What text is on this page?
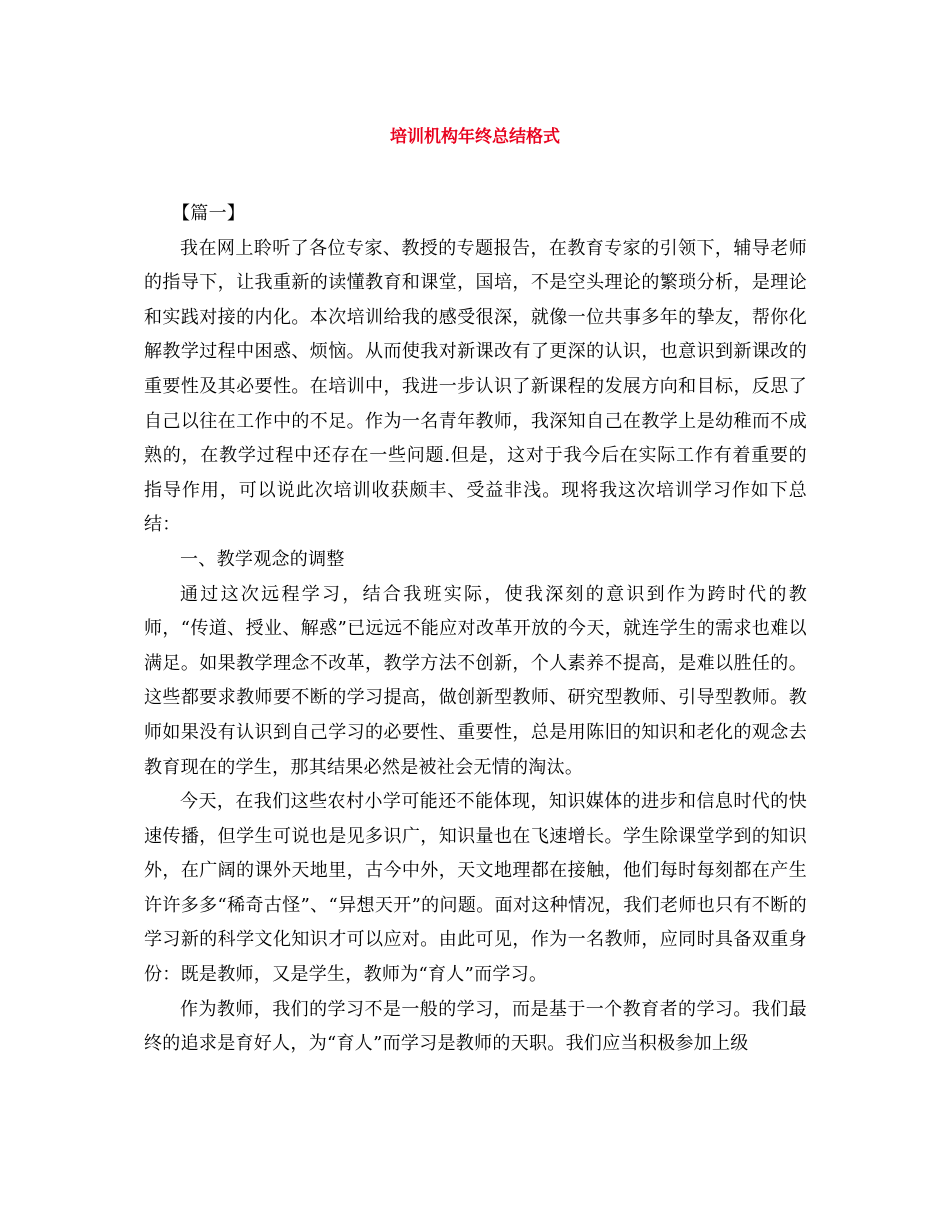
培训机构年终总结格式

【篇一】

我在网上聆听了各位专家、教授的专题报告，在教育专家的引领下，辅导老师的指导下，让我重新的读懂教育和课堂，国培，不是空头理论的繁琐分析，是理论和实践对接的内化。本次培训给我的感受很深，就像一位共事多年的挚友，帮你化解教学过程中困惑、烦恼。从而使我对新课改有了更深的认识，也意识到新课改的重要性及其必要性。在培训中，我进一步认识了新课程的发展方向和目标，反思了自己以往在工作中的不足。作为一名青年教师，我深知自己在教学上是幼稚而不成熟的，在教学过程中还存在一些问题.但是，这对于我今后在实际工作有着重要的指导作用，可以说此次培训收获颇丰、受益非浅。现将我这次培训学习作如下总结：

一、教学观念的调整

通过这次远程学习，结合我班实际，使我深刻的意识到作为跨时代的教师，“传道、授业、解惑”已远远不能应对改革开放的今天，就连学生的需求也难以满足。如果教学理念不改革，教学方法不创新，个人素养不提高，是难以胜任的。这些都要求教师要不断的学习提高，做创新型教师、研究型教师、引导型教师。教师如果没有认识到自己学习的必要性、重要性，总是用陈旧的知识和老化的观念去教育现在的学生，那其结果必然是被社会无情的淘汰。

今天，在我们这些农村小学可能还不能体现，知识媒体的进步和信息时代的快速传播，但学生可说也是见多识广，知识量也在飞速增长。学生除课堂学到的知识外，在广阔的课外天地里，古今中外，天文地理都在接触，他们每时每刻都在产生许许多多“稀奇古怪”、“异想天开”的问题。面对这种情况，我们老师也只有不断的学习新的科学文化知识才可以应对。由此可见，作为一名教师，应同时具备双重身份：既是教师，又是学生，教师为“育人”而学习。

作为教师，我们的学习不是一般的学习，而是基于一个教育者的学习。我们最终的追求是育好人，为“育人”而学习是教师的天职。我们应当积极参加上级
